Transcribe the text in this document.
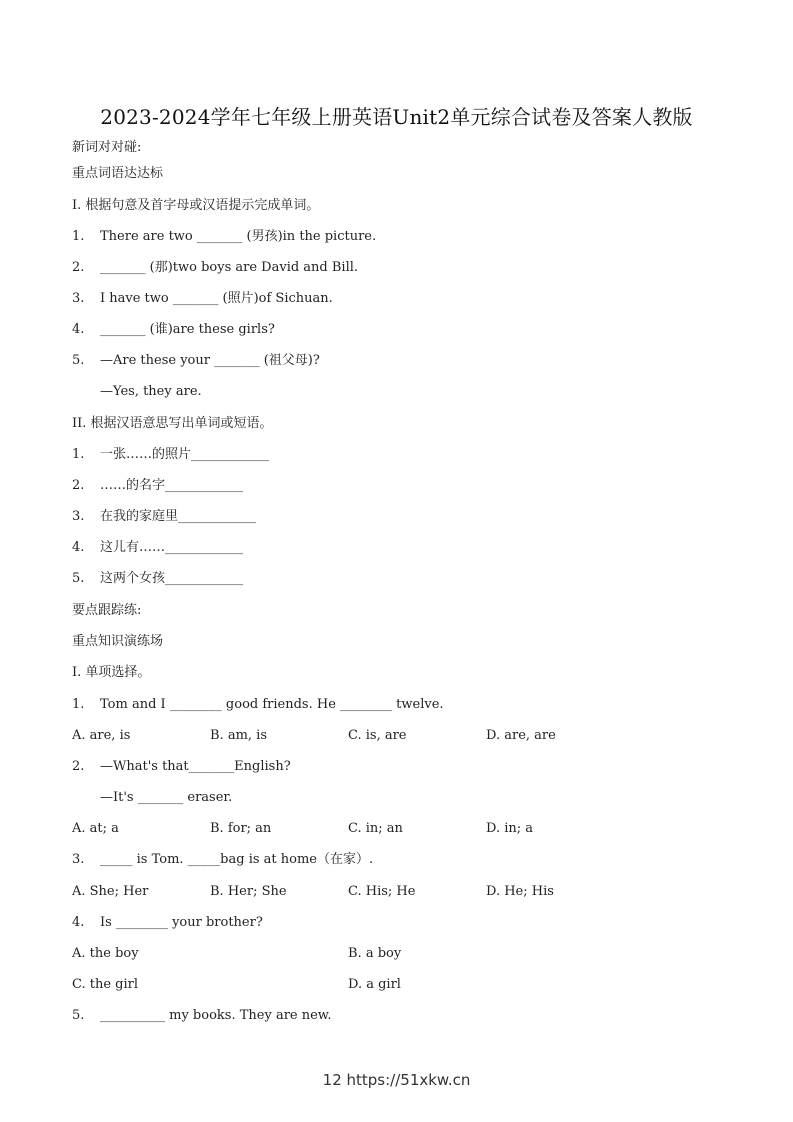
2023-2024学年七年级上册英语Unit2单元综合试卷及答案人教版
新词对对碰:
重点词语达达标
I. 根据句意及首字母或汉语提示完成单词。
1. There are two _______ (男孩)in the picture.
2. _______ (那)two boys are David and Bill.
3. I have two _______ (照片)of Sichuan.
4. _______ (谁)are these girls?
5. —Are these your _______ (祖父母)?
—Yes, they are.
II. 根据汉语意思写出单词或短语。
1. 一张……的照片____________
2. ……的名字____________
3. 在我的家庭里____________
4. 这儿有……____________
5. 这两个女孩____________
要点跟踪练:
重点知识演练场
I. 单项选择。
1. Tom and I ________ good friends. He ________ twelve.
A. are, is	B. am, is	C. is, are	D. are, are
2. —What's that_______English?
—It's _______ eraser.
A. at; a	B. for; an	C. in; an	D. in; a
3. _____ is Tom. _____bag is at home（在家）.
A. She; Her	B. Her; She	C. His; He	D. He; His
4. Is ________ your brother?
A. the boy	B. a boy
C. the girl	D. a girl
5. __________ my books. They are new.
12 https://51xkw.cn
